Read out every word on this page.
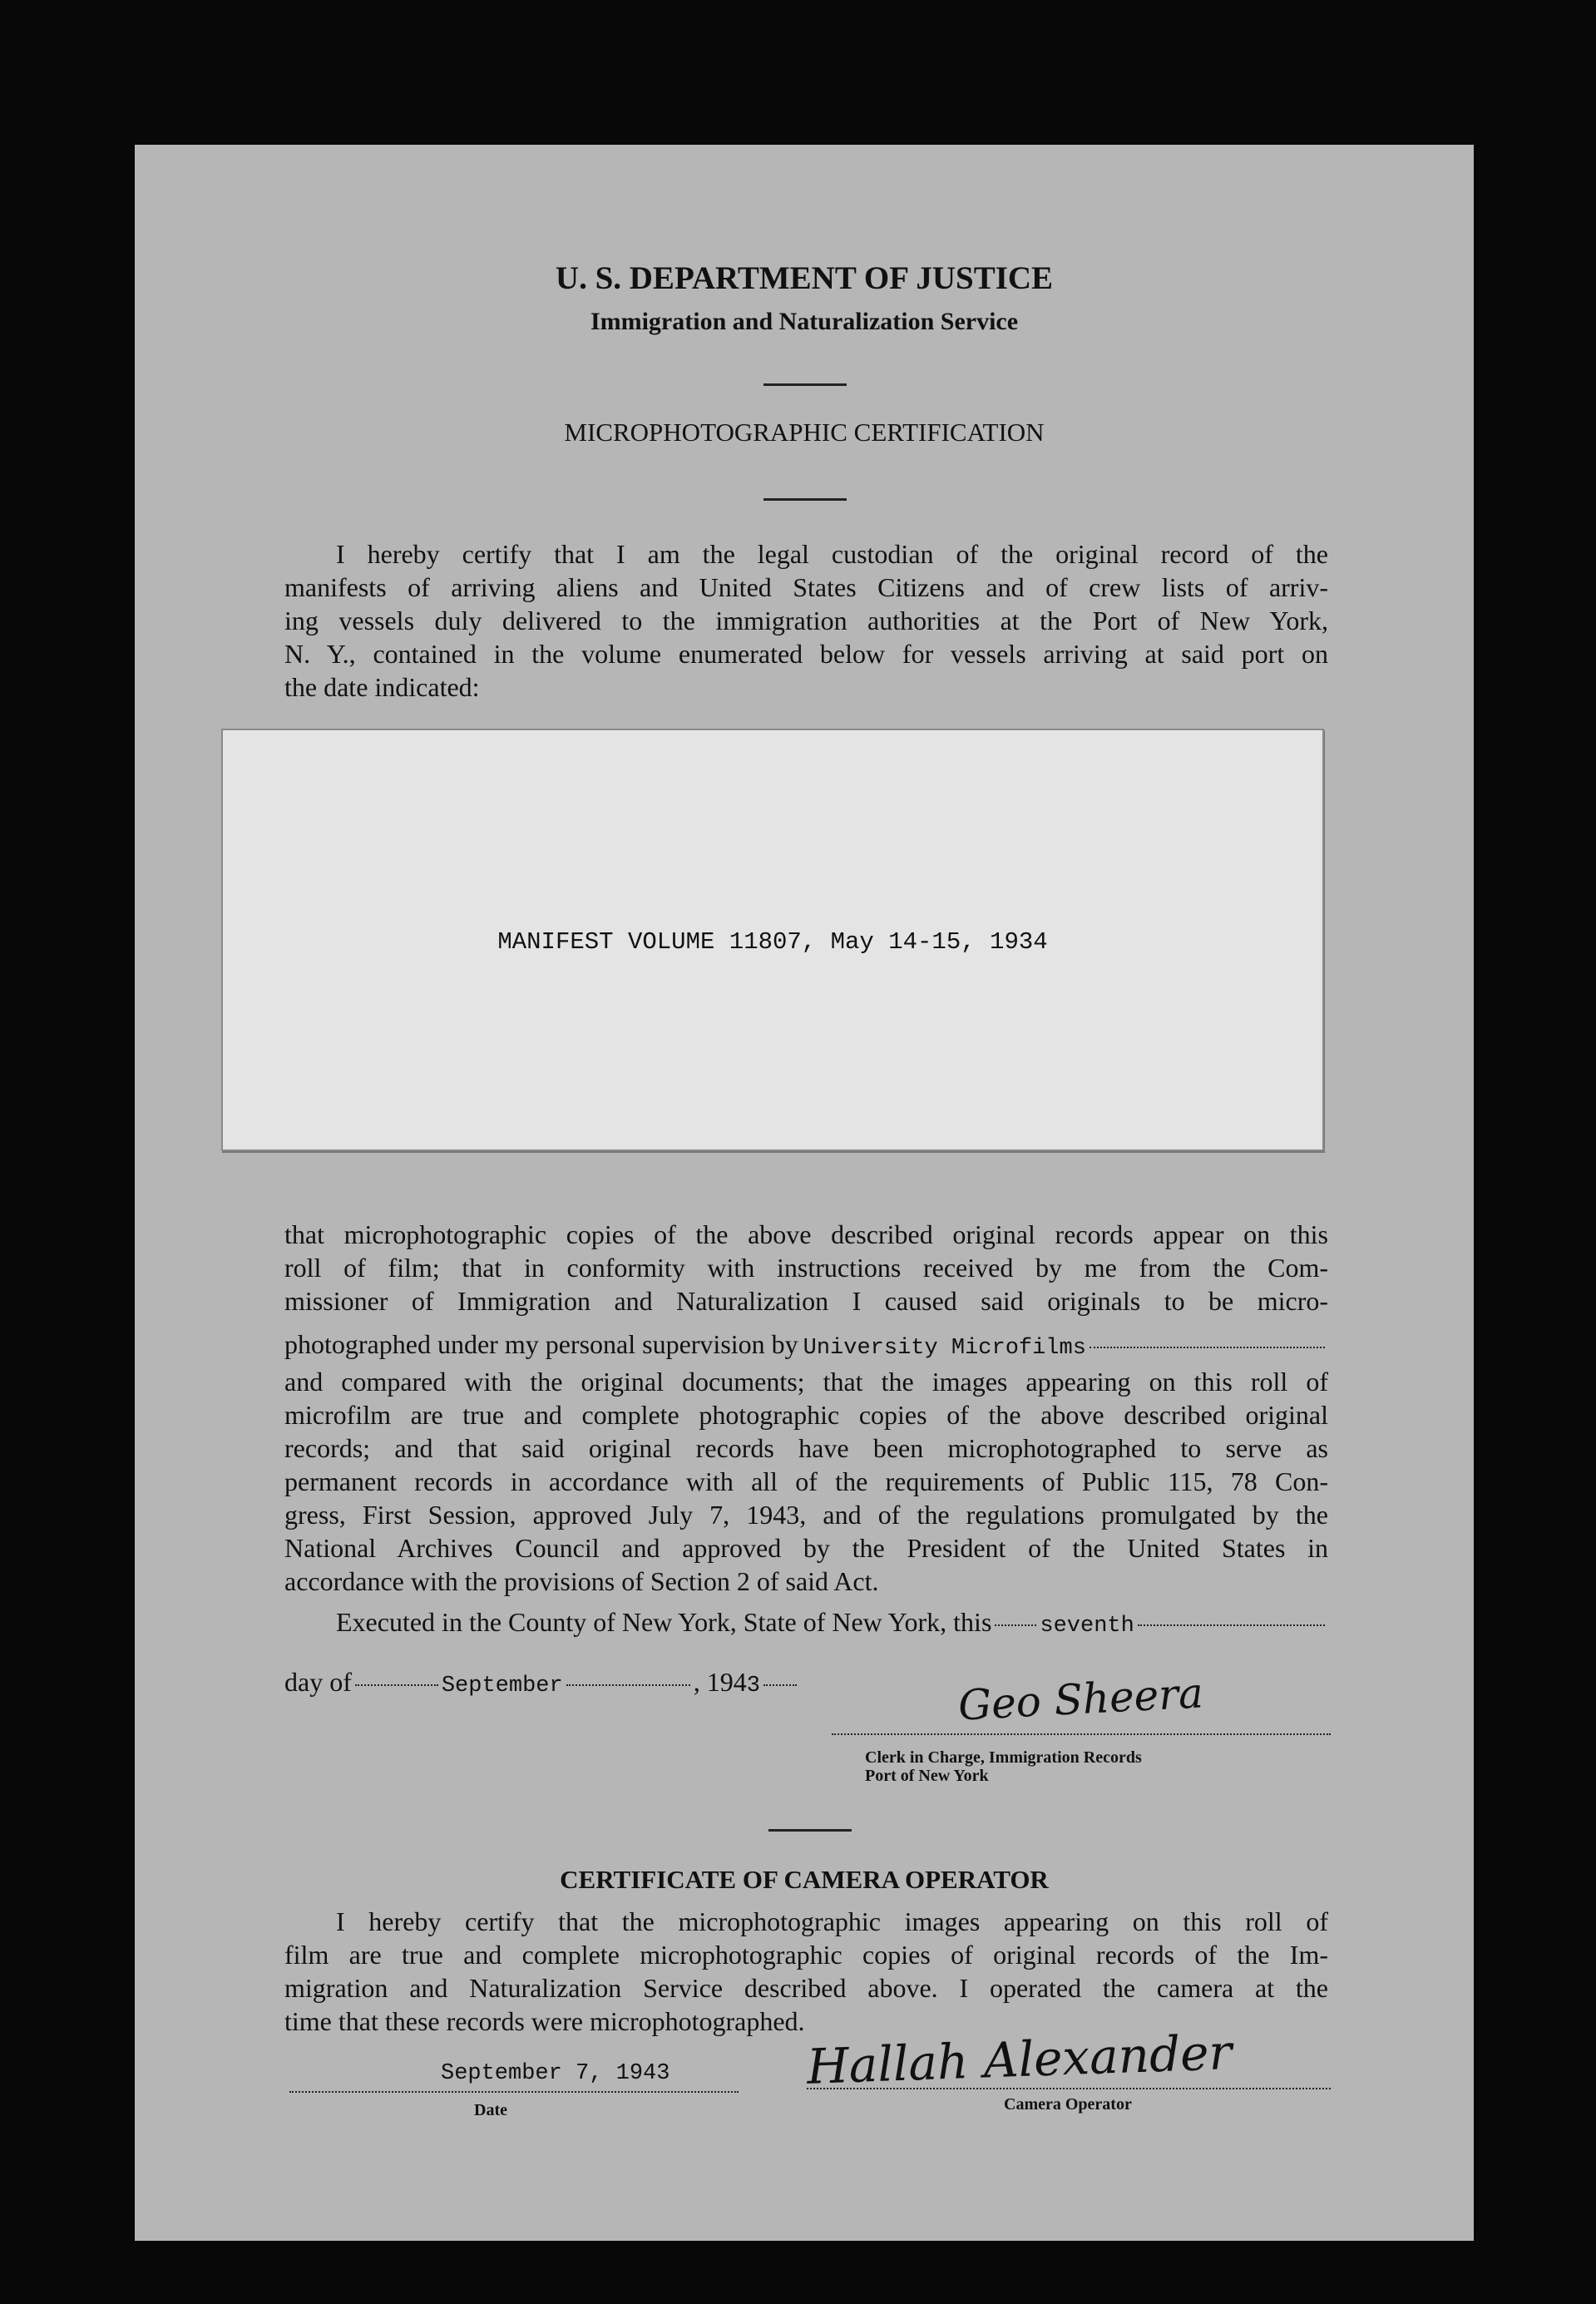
U. S. DEPARTMENT OF JUSTICE
Immigration and Naturalization Service
MICROPHOTOGRAPHIC CERTIFICATION
I hereby certify that I am the legal custodian of the original record of the
manifests of arriving aliens and United States Citizens and of crew lists of arriv-
ing vessels duly delivered to the immigration authorities at the Port of New York,
N. Y., contained in the volume enumerated below for vessels arriving at said port on
the date indicated:
MANIFEST VOLUME 11807, May 14-15, 1934
that microphotographic copies of the above described original records appear on this
roll of film; that in conformity with instructions received by me from the Com-
missioner of Immigration and Naturalization I caused said originals to be micro-
photographed under my personal supervision by University Microfilms
and compared with the original documents; that the images appearing on this roll of
microfilm are true and complete photographic copies of the above described original
records; and that said original records have been microphotographed to serve as
permanent records in accordance with all of the requirements of Public 115, 78 Con-
gress, First Session, approved July 7, 1943, and of the regulations promulgated by the
National Archives Council and approved by the President of the United States in
accordance with the provisions of Section 2 of said Act.
Executed in the County of New York, State of New York, this seventh
day of	September	, 194 3	Geo Sheera
Clerk in Charge, Immigration Records
Port of New York
CERTIFICATE OF CAMERA OPERATOR
I hereby certify that the microphotographic images appearing on this roll of
film are true and complete microphotographic copies of original records of the Im-
migration and Naturalization Service described above. I operated the camera at the
time that these records were microphotographed.
September 7, 1943
Date
Hallah Alexander
Camera Operator
